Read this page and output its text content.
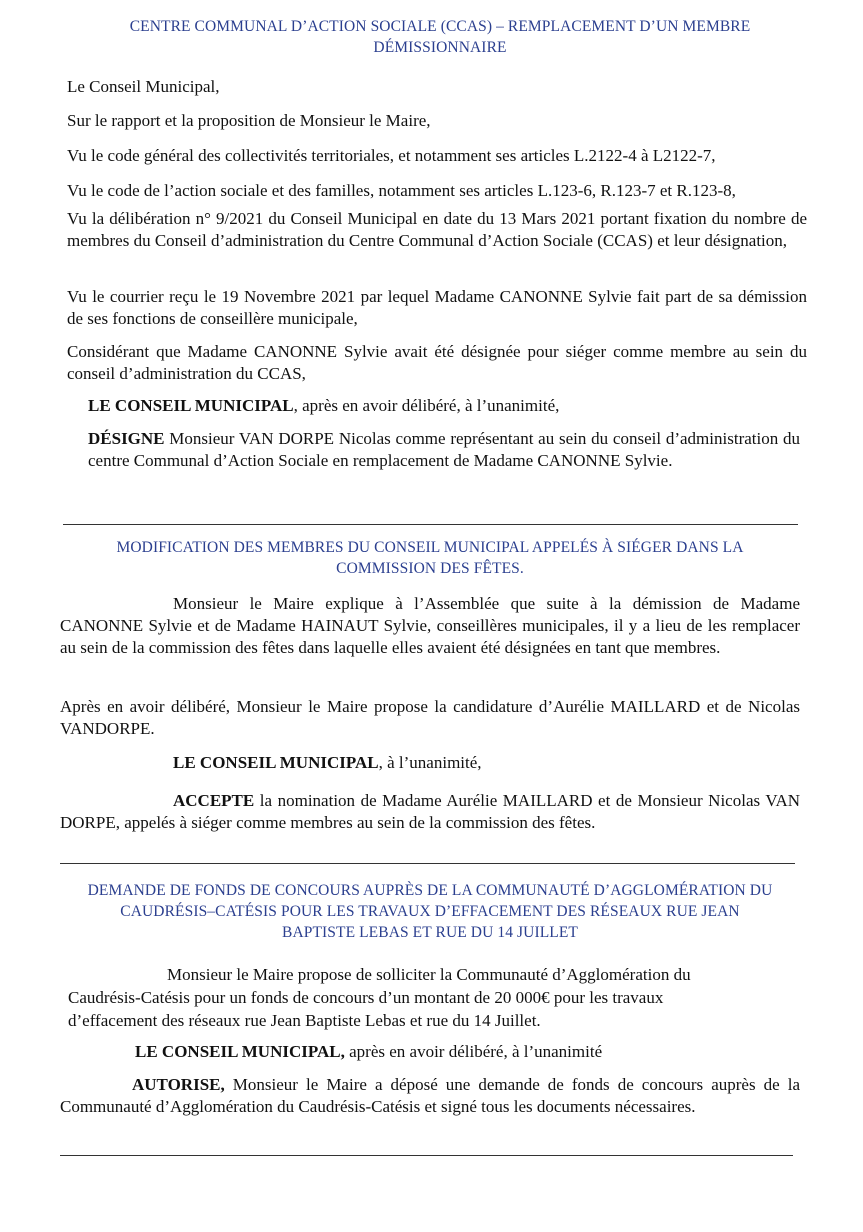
CENTRE COMMUNAL D’ACTION SOCIALE (CCAS) – REMPLACEMENT D’UN MEMBRE
DÉMISSIONNAIRE

Le Conseil Municipal,

Sur le rapport et la proposition de Monsieur le Maire,

Vu le code général des collectivités territoriales, et notamment ses articles L.2122-4 à L2122-7,

Vu le code de l’action sociale et des familles, notamment ses articles L.123-6, R.123-7 et R.123-8,

Vu la délibération n° 9/2021 du Conseil Municipal en date du 13 Mars 2021 portant fixation du nombre de membres du Conseil d’administration du Centre Communal d’Action Sociale (CCAS) et leur désignation,

Vu le courrier reçu le 19 Novembre 2021 par lequel Madame CANONNE Sylvie fait part de sa démission de ses fonctions de conseillère municipale,

Considérant que Madame CANONNE Sylvie avait été désignée pour siéger comme membre au sein du conseil d’administration du CCAS,

LE CONSEIL MUNICIPAL, après en avoir délibéré, à l’unanimité,

DÉSIGNE Monsieur VAN DORPE Nicolas comme représentant au sein du conseil d’administration du centre Communal d’Action Sociale en remplacement de Madame CANONNE Sylvie.

MODIFICATION DES MEMBRES DU CONSEIL MUNICIPAL APPELÉS À SIÉGER DANS LA
COMMISSION DES FÊTES.

Monsieur le Maire explique à l’Assemblée que suite à la démission de Madame CANONNE Sylvie et de Madame HAINAUT Sylvie, conseillères municipales, il y a lieu de les remplacer au sein de la commission des fêtes dans laquelle elles avaient été désignées en tant que membres.

Après en avoir délibéré, Monsieur le Maire propose la candidature d’Aurélie MAILLARD et de Nicolas VANDORPE.

LE CONSEIL MUNICIPAL, à l’unanimité,

ACCEPTE la nomination de Madame Aurélie MAILLARD et de Monsieur Nicolas VAN DORPE, appelés à siéger comme membres au sein de la commission des fêtes.

DEMANDE DE FONDS DE CONCOURS AUPRÈS DE LA COMMUNAUTÉ D’AGGLOMÉRATION DU
CAUDRÉSIS–CATÉSIS POUR LES TRAVAUX D’EFFACEMENT DES RÉSEAUX RUE JEAN
BAPTISTE LEBAS ET RUE DU 14 JUILLET

Monsieur le Maire propose de solliciter la Communauté d’Agglomération du

Caudrésis-Catésis pour un fonds de concours d’un montant de 20 000€ pour les travaux

d’effacement des réseaux rue Jean Baptiste Lebas et rue du 14 Juillet.

LE CONSEIL MUNICIPAL, après en avoir délibéré, à l’unanimité

AUTORISE, Monsieur le Maire a déposé une demande de fonds de concours auprès de la Communauté d’Agglomération du Caudrésis-Catésis et signé tous les documents nécessaires.
